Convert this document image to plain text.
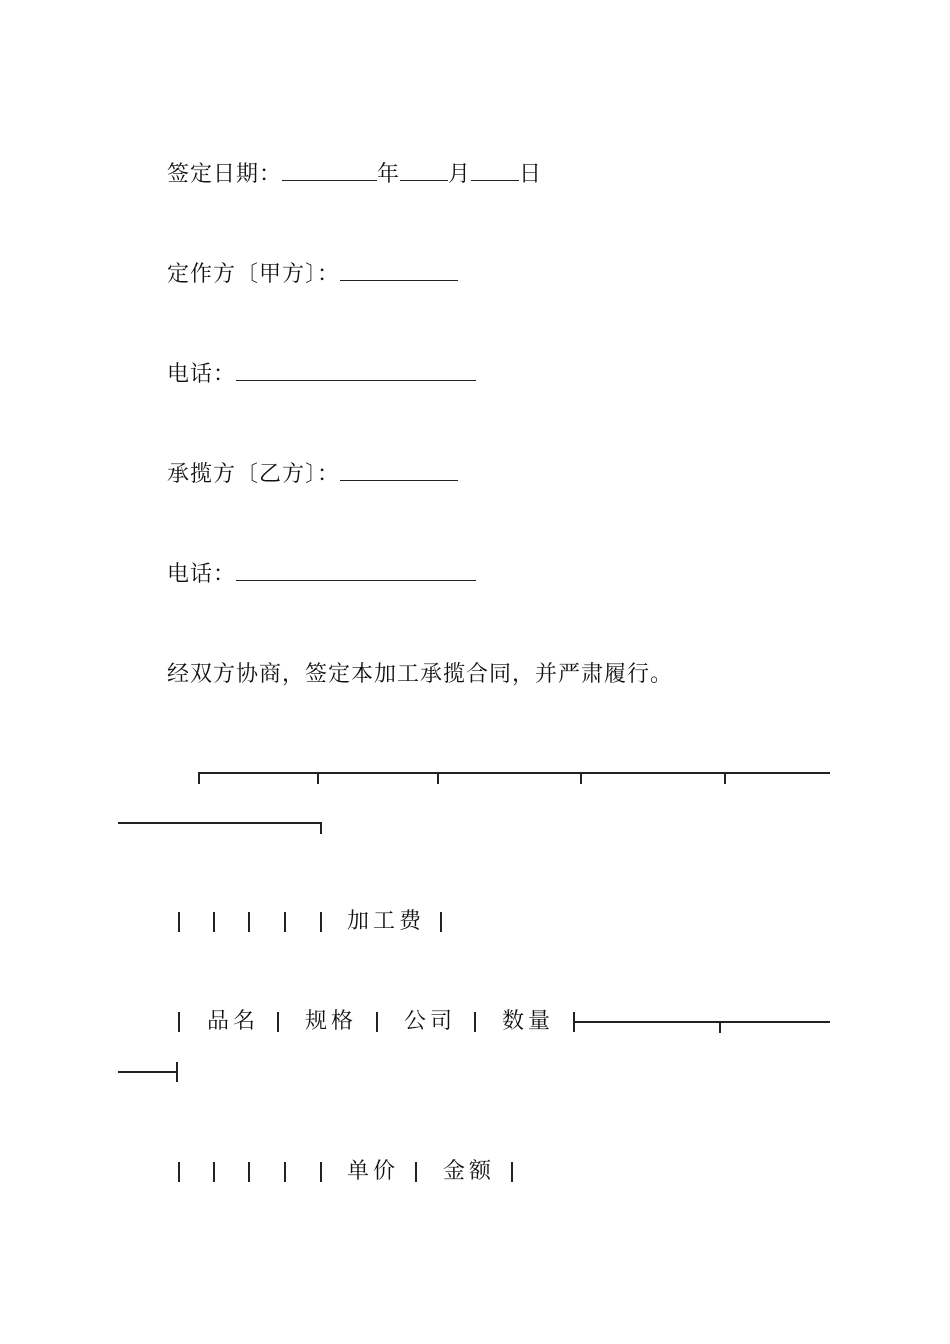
签定日期：	年 月 日
定作方〔甲方〕：
电话：
承揽方〔乙方〕：
电话：
经双方协商，签定本加工承揽合同，并严肃履行。
加工费
品名 规格 公司 数量
单价 金额
